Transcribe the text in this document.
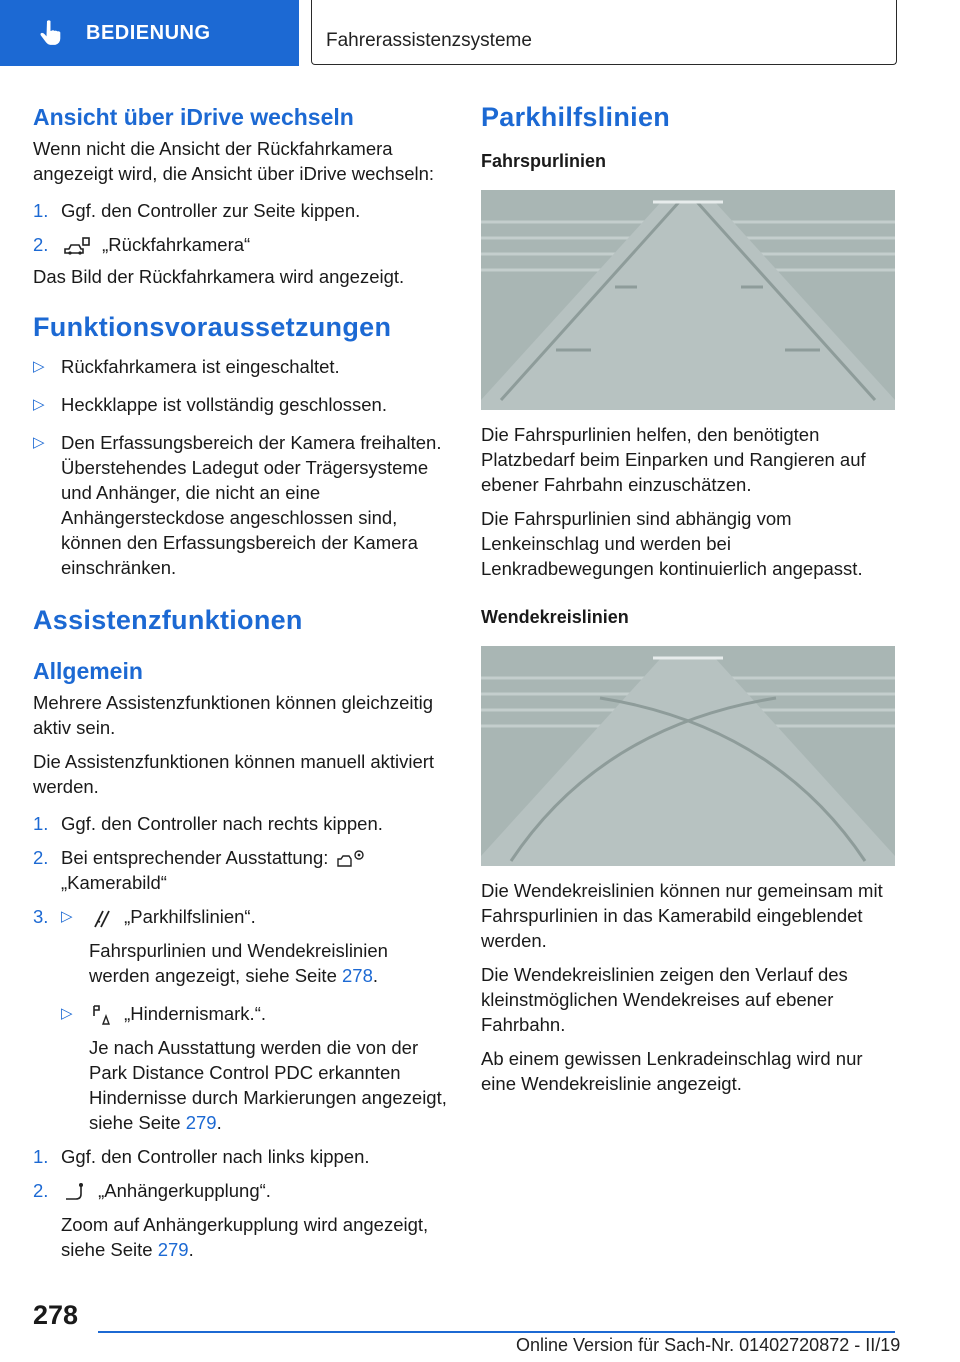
BEDIENUNG	Fahrerassistenzsysteme
Ansicht über iDrive wechseln

Wenn nicht die Ansicht der Rückfahrkamera angezeigt wird, die Ansicht über iDrive wechseln:

1. Ggf. den Controller zur Seite kippen.
2.	„Rückfahrkamera“

Das Bild der Rückfahrkamera wird angezeigt.

Funktionsvoraussetzungen
▷ Rückfahrkamera ist eingeschaltet.
▷ Heckklappe ist vollständig geschlossen.
▷ Den Erfassungsbereich der Kamera freihalten. Überstehendes Ladegut oder Trägersysteme und Anhänger, die nicht an eine Anhängersteckdose angeschlossen sind, können den Erfassungsbereich der Kamera einschränken.
Assistenzfunktionen
Allgemein

Mehrere Assistenzfunktionen können gleichzeitig aktiv sein.

Die Assistenzfunktionen können manuell aktiviert werden.

1. Ggf. den Controller nach rechts kippen.
2. Bei entsprechender Ausstattung:
„Kamerabild“
3. ▷	„Parkhilfslinien“.

Fahrspurlinien und Wendekreislinien werden angezeigt, siehe Seite 278.

▷	„Hindernismark.“.

Je nach Ausstattung werden die von der Park Distance Control PDC erkannten Hindernisse durch Markierungen angezeigt, siehe Seite 279.

1. Ggf. den Controller nach links kippen.
2.	„Anhängerkupplung“.

Zoom auf Anhängerkupplung wird angezeigt, siehe Seite 279.

Parkhilfslinien
Fahrspurlinien

Die Fahrspurlinien helfen, den benötigten Platzbedarf beim Einparken und Rangieren auf ebener Fahrbahn einzuschätzen.

Die Fahrspurlinien sind abhängig vom Lenkeinschlag und werden bei Lenkradbewegungen kontinuierlich angepasst.

Wendekreislinien

Die Wendekreislinien können nur gemeinsam mit Fahrspurlinien in das Kamerabild eingeblendet werden.

Die Wendekreislinien zeigen den Verlauf des kleinstmöglichen Wendekreises auf ebener Fahrbahn.

Ab einem gewissen Lenkradeinschlag wird nur eine Wendekreislinie angezeigt.

278
Online Version für Sach-Nr. 01402720872 - II/19
